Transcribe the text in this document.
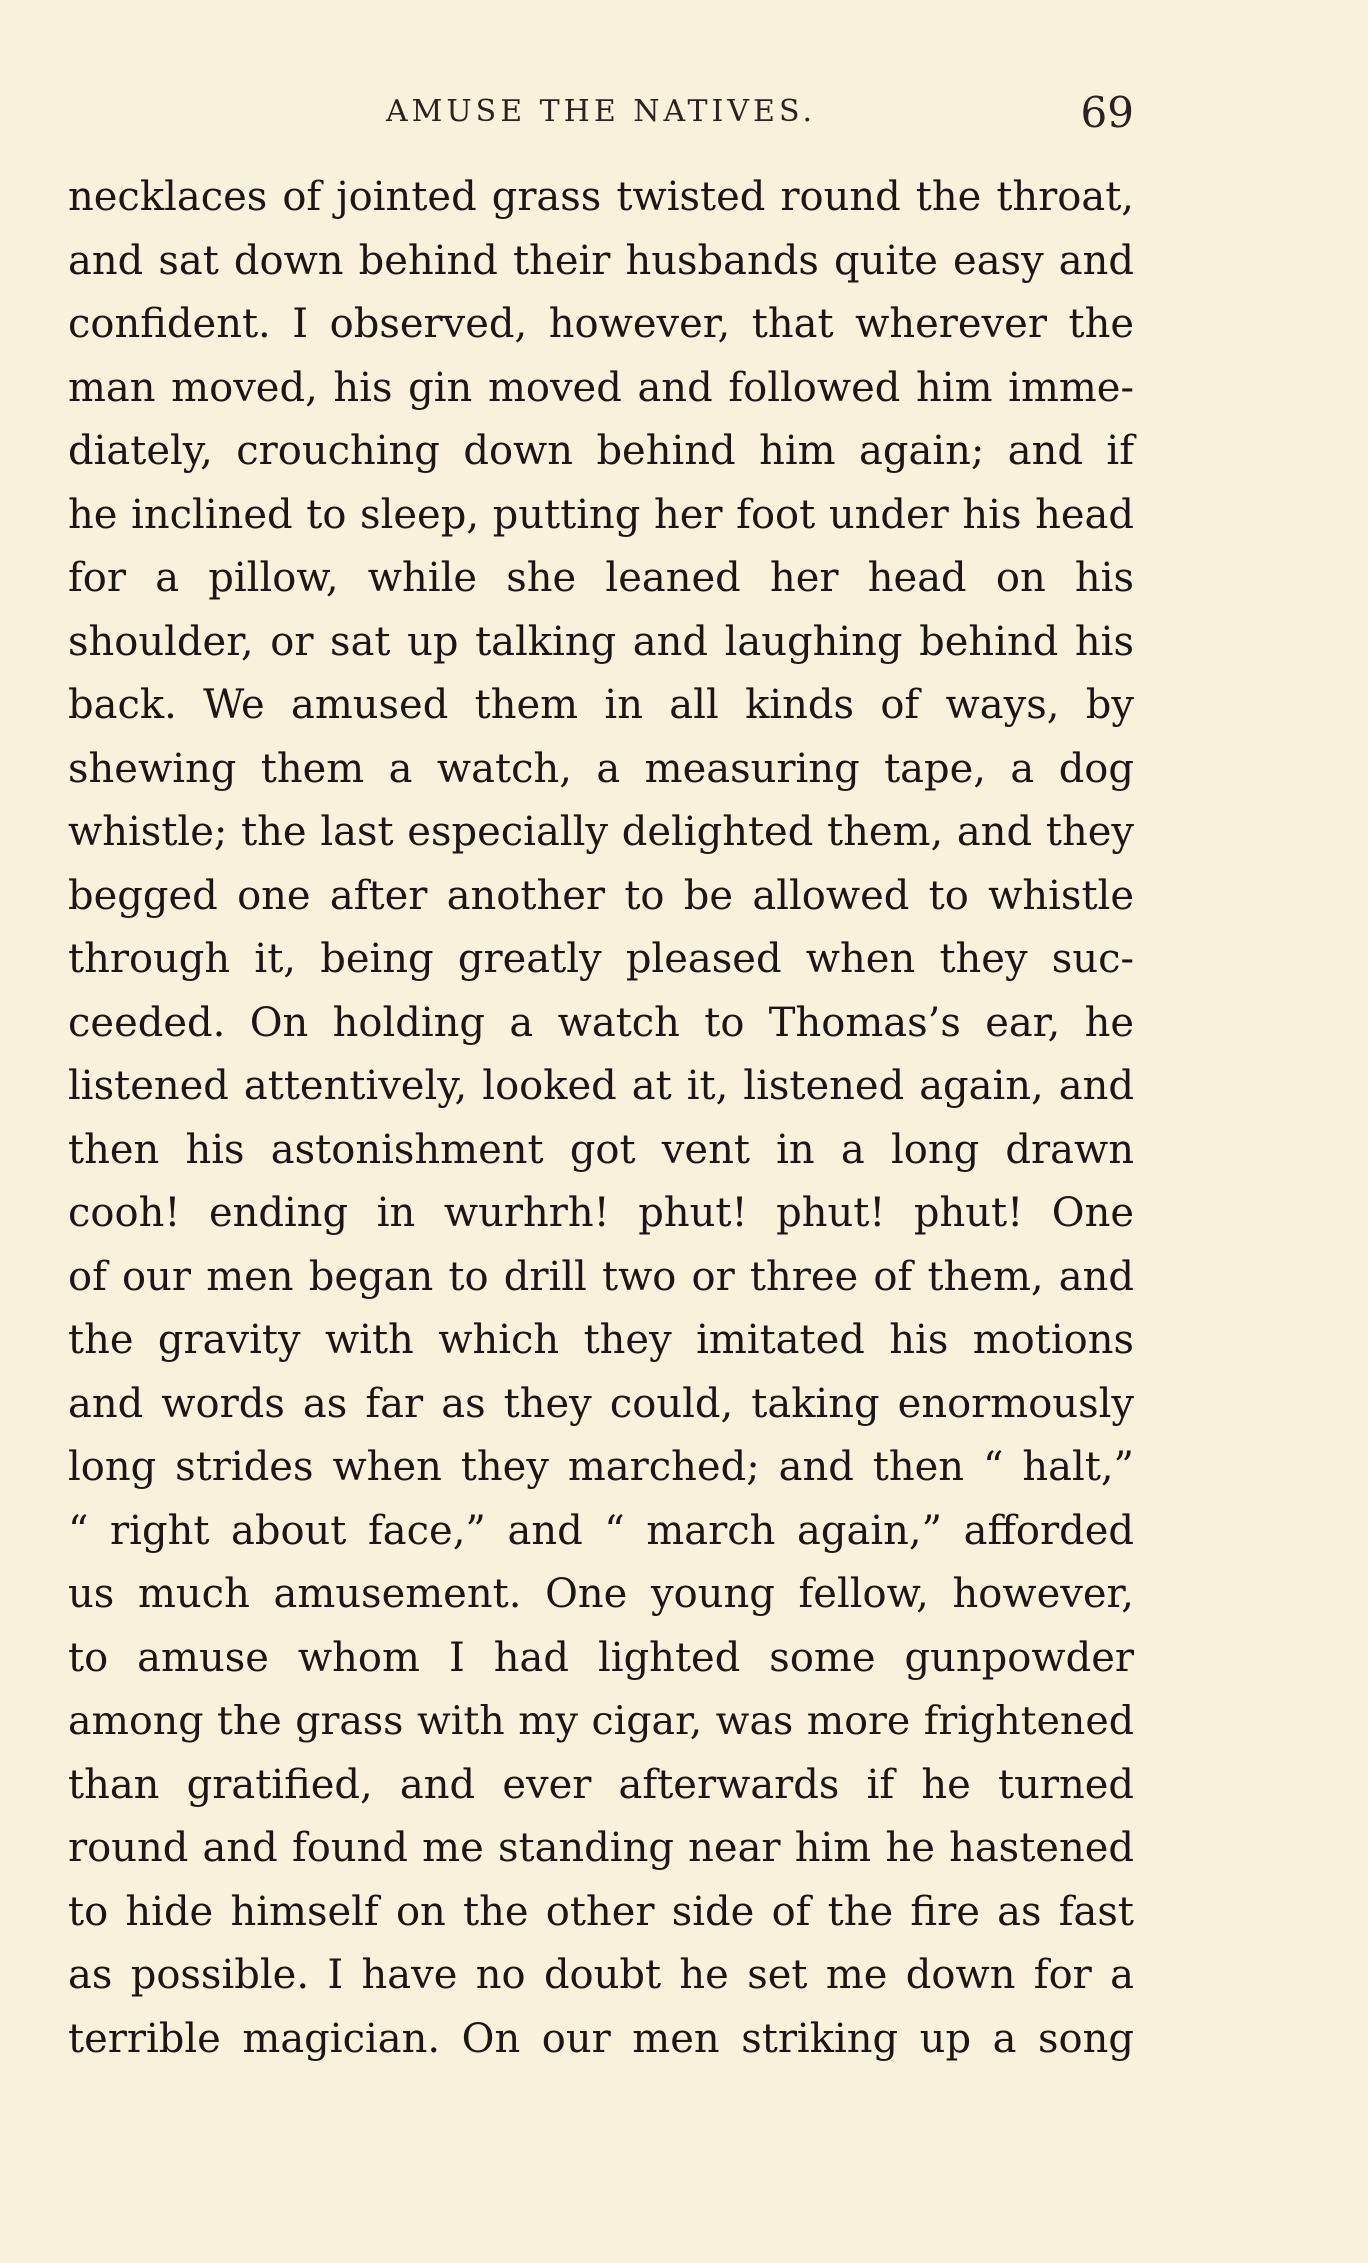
AMUSE THE NATIVES.	69
necklaces of jointed grass twisted round the throat,
and sat down behind their husbands quite easy and
confident. I observed, however, that wherever the
man moved, his gin moved and followed him imme-
diately, crouching down behind him again; and if
he inclined to sleep, putting her foot under his head
for a pillow, while she leaned her head on his
shoulder, or sat up talking and laughing behind his
back. We amused them in all kinds of ways, by
shewing them a watch, a measuring tape, a dog
whistle; the last especially delighted them, and they
begged one after another to be allowed to whistle
through it, being greatly pleased when they suc-
ceeded. On holding a watch to Thomas’s ear, he
listened attentively, looked at it, listened again, and
then his astonishment got vent in a long drawn
cooh! ending in wurhrh! phut! phut! phut! One
of our men began to drill two or three of them, and
the gravity with which they imitated his motions
and words as far as they could, taking enormously
long strides when they marched; and then “ halt,”
“ right about face,” and “ march again,” afforded
us much amusement. One young fellow, however,
to amuse whom I had lighted some gunpowder
among the grass with my cigar, was more frightened
than gratified, and ever afterwards if he turned
round and found me standing near him he hastened
to hide himself on the other side of the fire as fast
as possible. I have no doubt he set me down for a
terrible magician. On our men striking up a song
